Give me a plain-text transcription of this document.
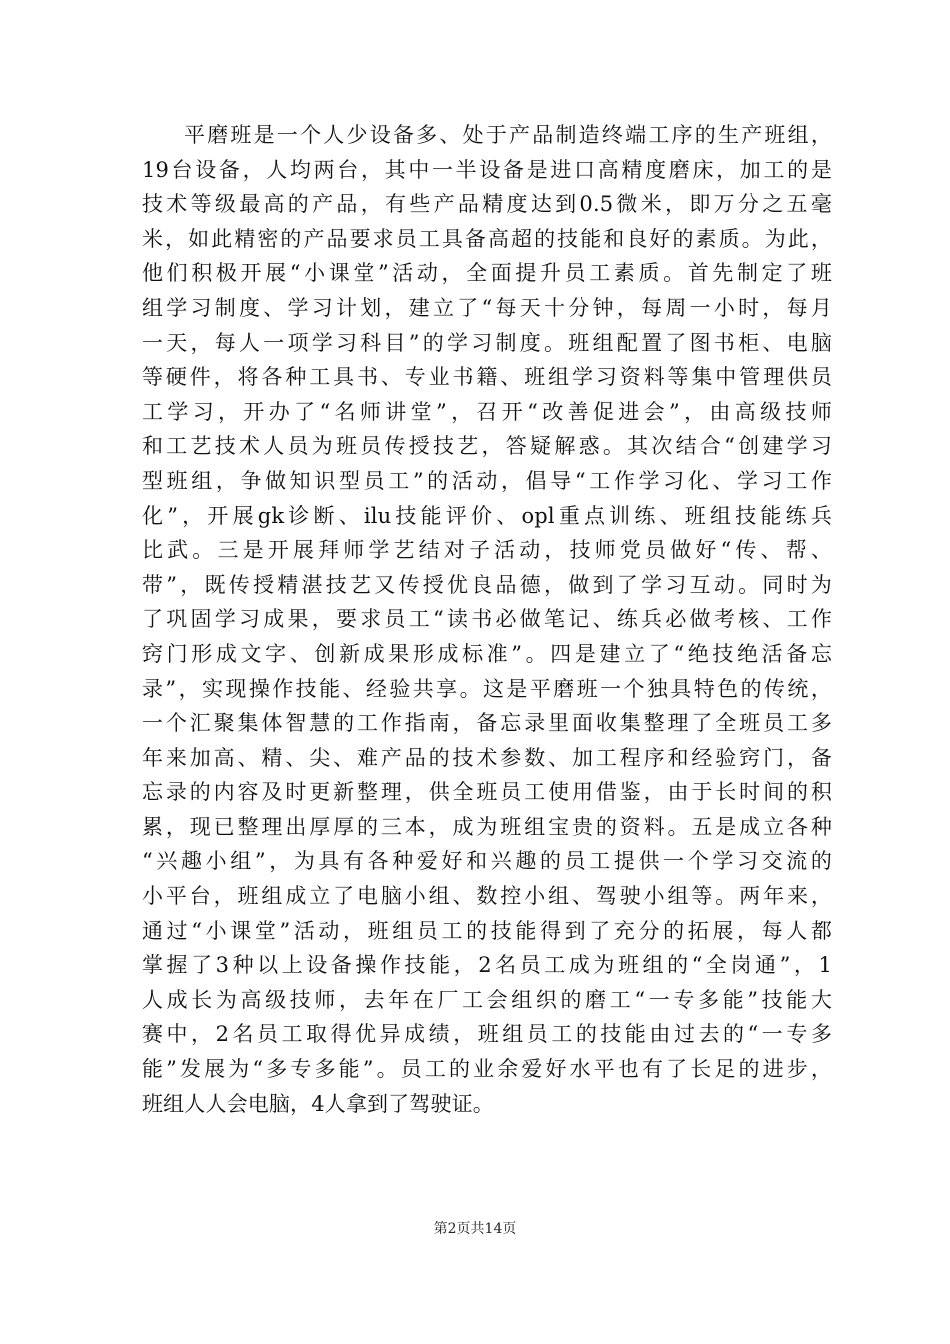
平磨班是一个人少设备多、处于产品制造终端工序的生产班组，
19台设备，人均两台，其中一半设备是进口高精度磨床，加工的是
技术等级最高的产品，有些产品精度达到0.5微米，即万分之五毫
米，如此精密的产品要求员工具备高超的技能和良好的素质。为此，
他们积极开展“小课堂”活动，全面提升员工素质。首先制定了班
组学习制度、学习计划，建立了“每天十分钟，每周一小时，每月
一天，每人一项学习科目”的学习制度。班组配置了图书柜、电脑
等硬件，将各种工具书、专业书籍、班组学习资料等集中管理供员
工学习，开办了“名师讲堂”，召开“改善促进会”，由高级技师
和工艺技术人员为班员传授技艺，答疑解惑。其次结合“创建学习
型班组，争做知识型员工”的活动，倡导“工作学习化、学习工作
化”，开展gk诊断、ilu技能评价、opl重点训练、班组技能练兵
比武。三是开展拜师学艺结对子活动，技师党员做好“传、帮、
带”，既传授精湛技艺又传授优良品德，做到了学习互动。同时为
了巩固学习成果，要求员工“读书必做笔记、练兵必做考核、工作
窍门形成文字、创新成果形成标准”。四是建立了“绝技绝活备忘
录”，实现操作技能、经验共享。这是平磨班一个独具特色的传统，
一个汇聚集体智慧的工作指南，备忘录里面收集整理了全班员工多
年来加高、精、尖、难产品的技术参数、加工程序和经验窍门，备
忘录的内容及时更新整理，供全班员工使用借鉴，由于长时间的积
累，现已整理出厚厚的三本，成为班组宝贵的资料。五是成立各种
“兴趣小组”，为具有各种爱好和兴趣的员工提供一个学习交流的
小平台，班组成立了电脑小组、数控小组、驾驶小组等。两年来，
通过“小课堂”活动，班组员工的技能得到了充分的拓展，每人都
掌握了3种以上设备操作技能，2名员工成为班组的“全岗通”，1
人成长为高级技师，去年在厂工会组织的磨工“一专多能”技能大
赛中，2名员工取得优异成绩，班组员工的技能由过去的“一专多
能”发展为“多专多能”。员工的业余爱好水平也有了长足的进步，
班组人人会电脑，4人拿到了驾驶证。
第2页共14页
